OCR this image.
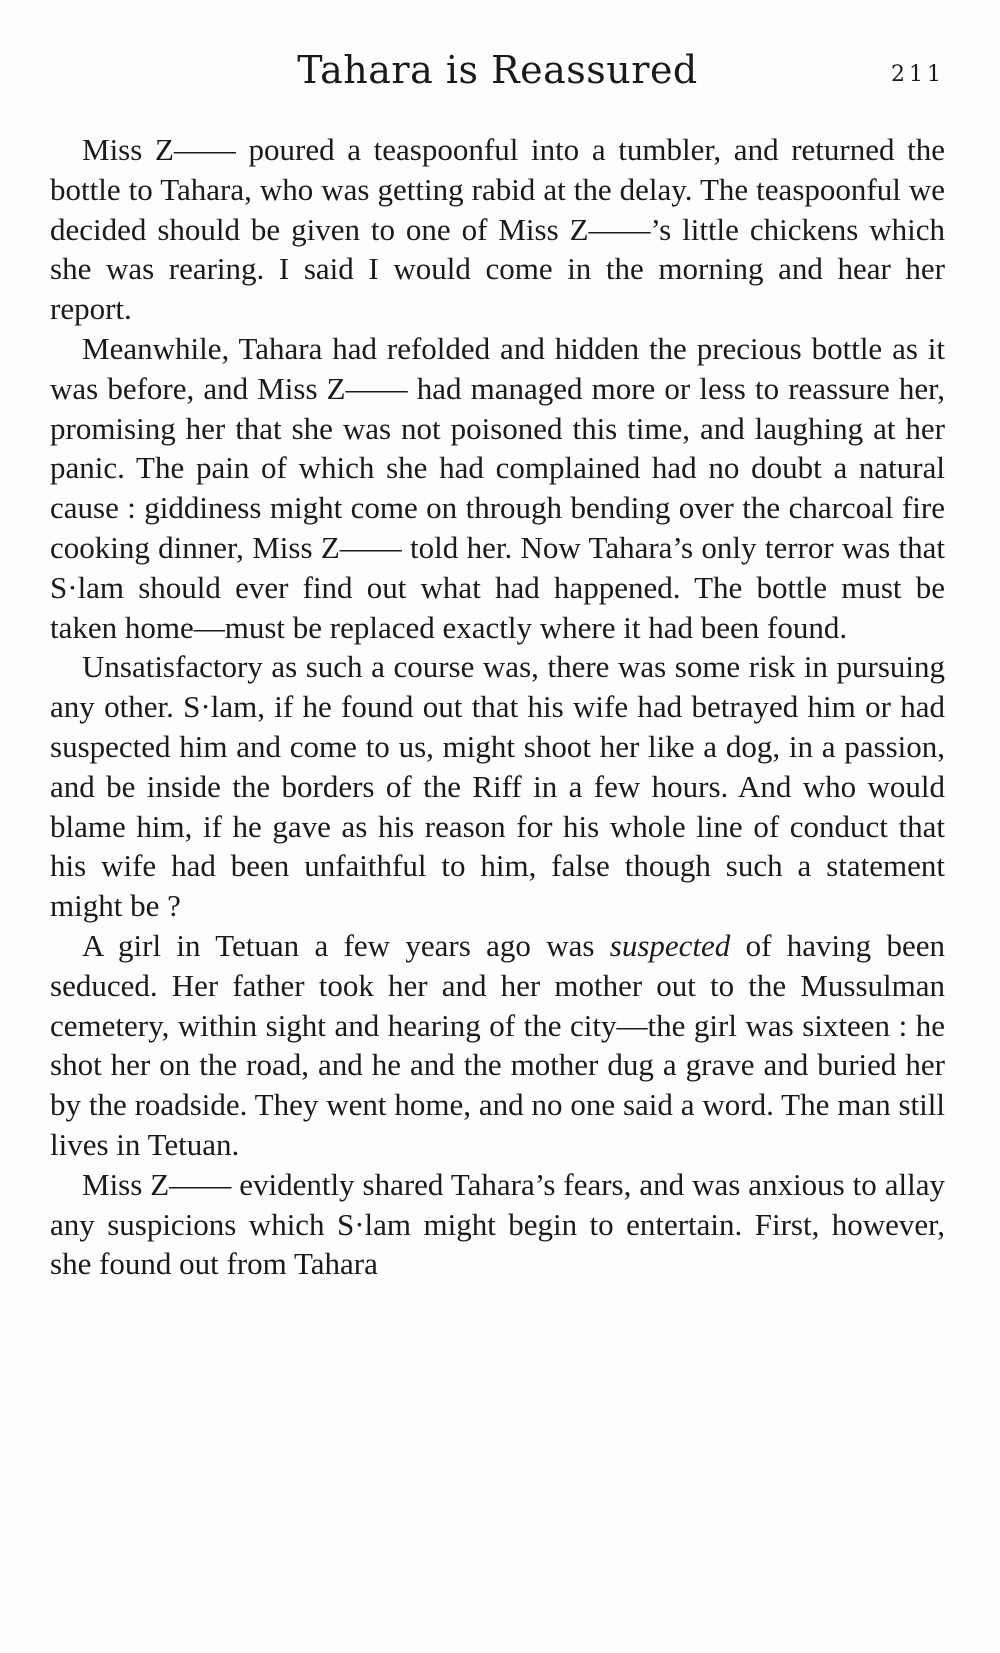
Tahara is Reassured	211

Miss Z—— poured a teaspoonful into a tumbler, and returned the bottle to Tahara, who was getting rabid at the delay. The teaspoonful we decided should be given to one of Miss Z——’s little chickens which she was rearing. I said I would come in the morning and hear her report.

Meanwhile, Tahara had refolded and hidden the precious bottle as it was before, and Miss Z—— had managed more or less to reassure her, promising her that she was not poisoned this time, and laughing at her panic. The pain of which she had complained had no doubt a natural cause : giddiness might come on through bending over the charcoal fire cooking dinner, Miss Z—— told her. Now Tahara’s only terror was that S·lam should ever find out what had happened. The bottle must be taken home—must be replaced exactly where it had been found.

Unsatisfactory as such a course was, there was some risk in pursuing any other. S·lam, if he found out that his wife had betrayed him or had suspected him and come to us, might shoot her like a dog, in a passion, and be inside the borders of the Riff in a few hours. And who would blame him, if he gave as his reason for his whole line of conduct that his wife had been unfaithful to him, false though such a statement might be ?

A girl in Tetuan a few years ago was suspected of having been seduced. Her father took her and her mother out to the Mussulman cemetery, within sight and hearing of the city—the girl was sixteen : he shot her on the road, and he and the mother dug a grave and buried her by the roadside. They went home, and no one said a word. The man still lives in Tetuan.

Miss Z—— evidently shared Tahara’s fears, and was anxious to allay any suspicions which S·lam might begin to entertain. First, however, she found out from Tahara
